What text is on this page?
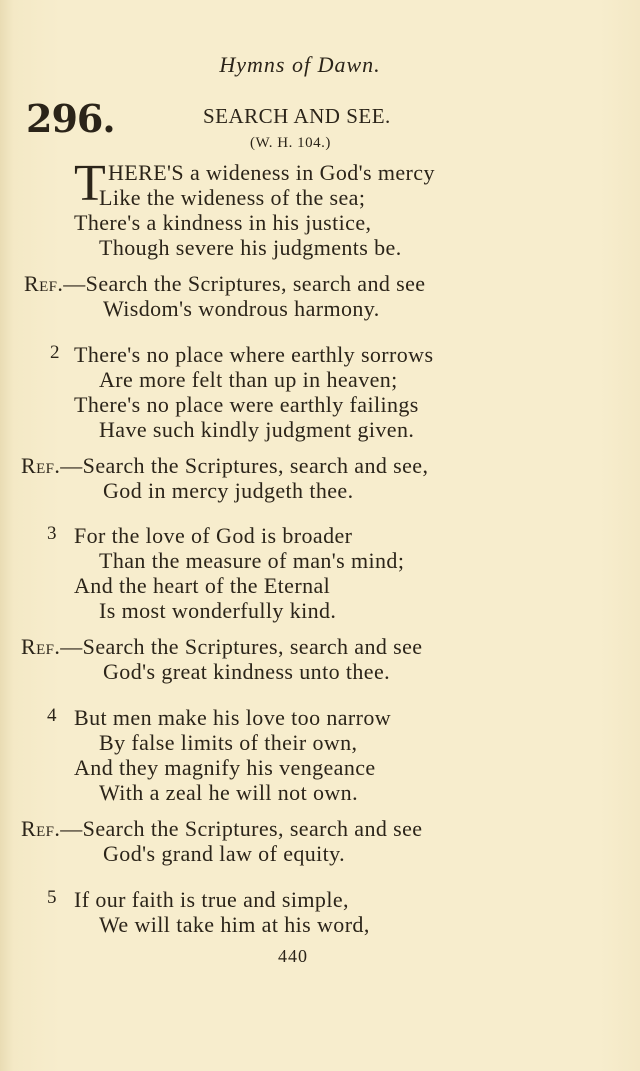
Hymns of Dawn.
296.	SEARCH AND SEE.
(W. H. 104.)
T HERE'S a wideness in God's mercy
Like the wideness of the sea;
There's a kindness in his justice,
Though severe his judgments be.
Ref.—Search the Scriptures, search and see
Wisdom's wondrous harmony.
2 There's no place where earthly sorrows
Are more felt than up in heaven;
There's no place were earthly failings
Have such kindly judgment given.
Ref.—Search the Scriptures, search and see,
God in mercy judgeth thee.
3 For the love of God is broader
Than the measure of man's mind;
And the heart of the Eternal
Is most wonderfully kind.
Ref.—Search the Scriptures, search and see
God's great kindness unto thee.
4 But men make his love too narrow
By false limits of their own,
And they magnify his vengeance
With a zeal he will not own.
Ref.—Search the Scriptures, search and see
God's grand law of equity.
5 If our faith is true and simple,
We will take him at his word,
440
